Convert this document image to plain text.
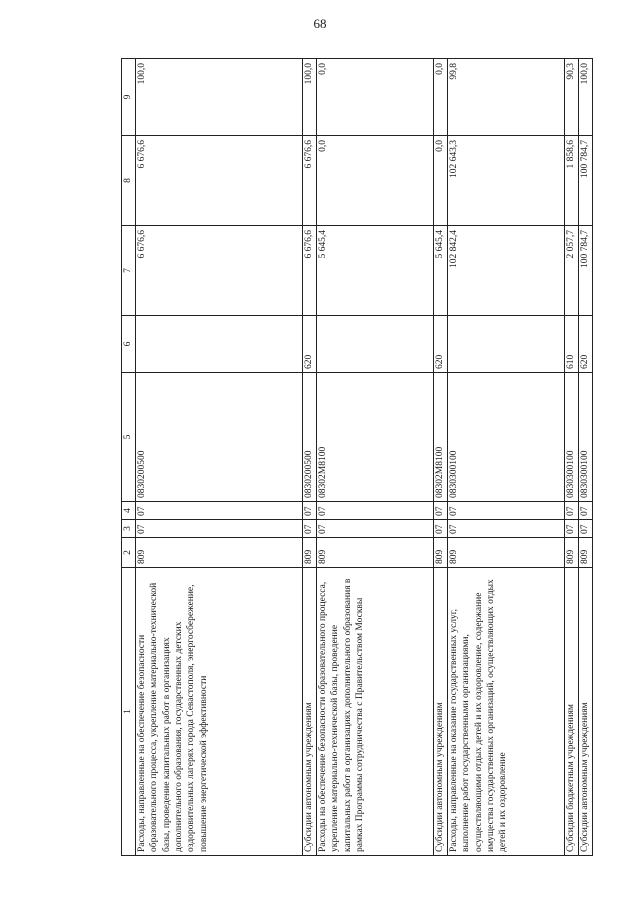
68
1	2	3	4	5	6	7	8	9
Расходы, направленные на обеспечение безопасности образовательного процесса, укрепление материально-технической базы, проведение капитальных работ в организациях дополнительного образования, государственных детских оздоровительных лагерях города Севастополя, энергосбережение, повышение энергетической эффективности	809	07	07	0830200500		6 676,6	6 676,6	100,0
Субсидии автономным учреждениям	809	07	07	0830200500	620	6 676,6	6 676,6	100,0
Расходы на обеспечение безопасности образовательного процесса, укрепление материально-технической базы, проведение капитальных работ в организациях дополнительного образования в рамках Программы сотрудничества с Правительством Москвы	809	07	07	08302М8100		5 645,4	0,0	0,0
Субсидии автономным учреждениям	809	07	07	08302М8100	620	5 645,4	0,0	0,0
Расходы, направленные на оказание государственных услуг, выполнение работ государственными организациями, осуществляющими отдых детей и их оздоровление, содержание имущества государственных организаций, осуществляющих отдых детей и их оздоровление	809	07	07	0830300100		102 842,4	102 643,3	99,8
Субсидии бюджетным учреждениям	809	07	07	0830300100	610	2 057,7	1 858,6	90,3
Субсидии автономным учреждениям	809	07	07	0830300100	620	100 784,7	100 784,7	100,0
